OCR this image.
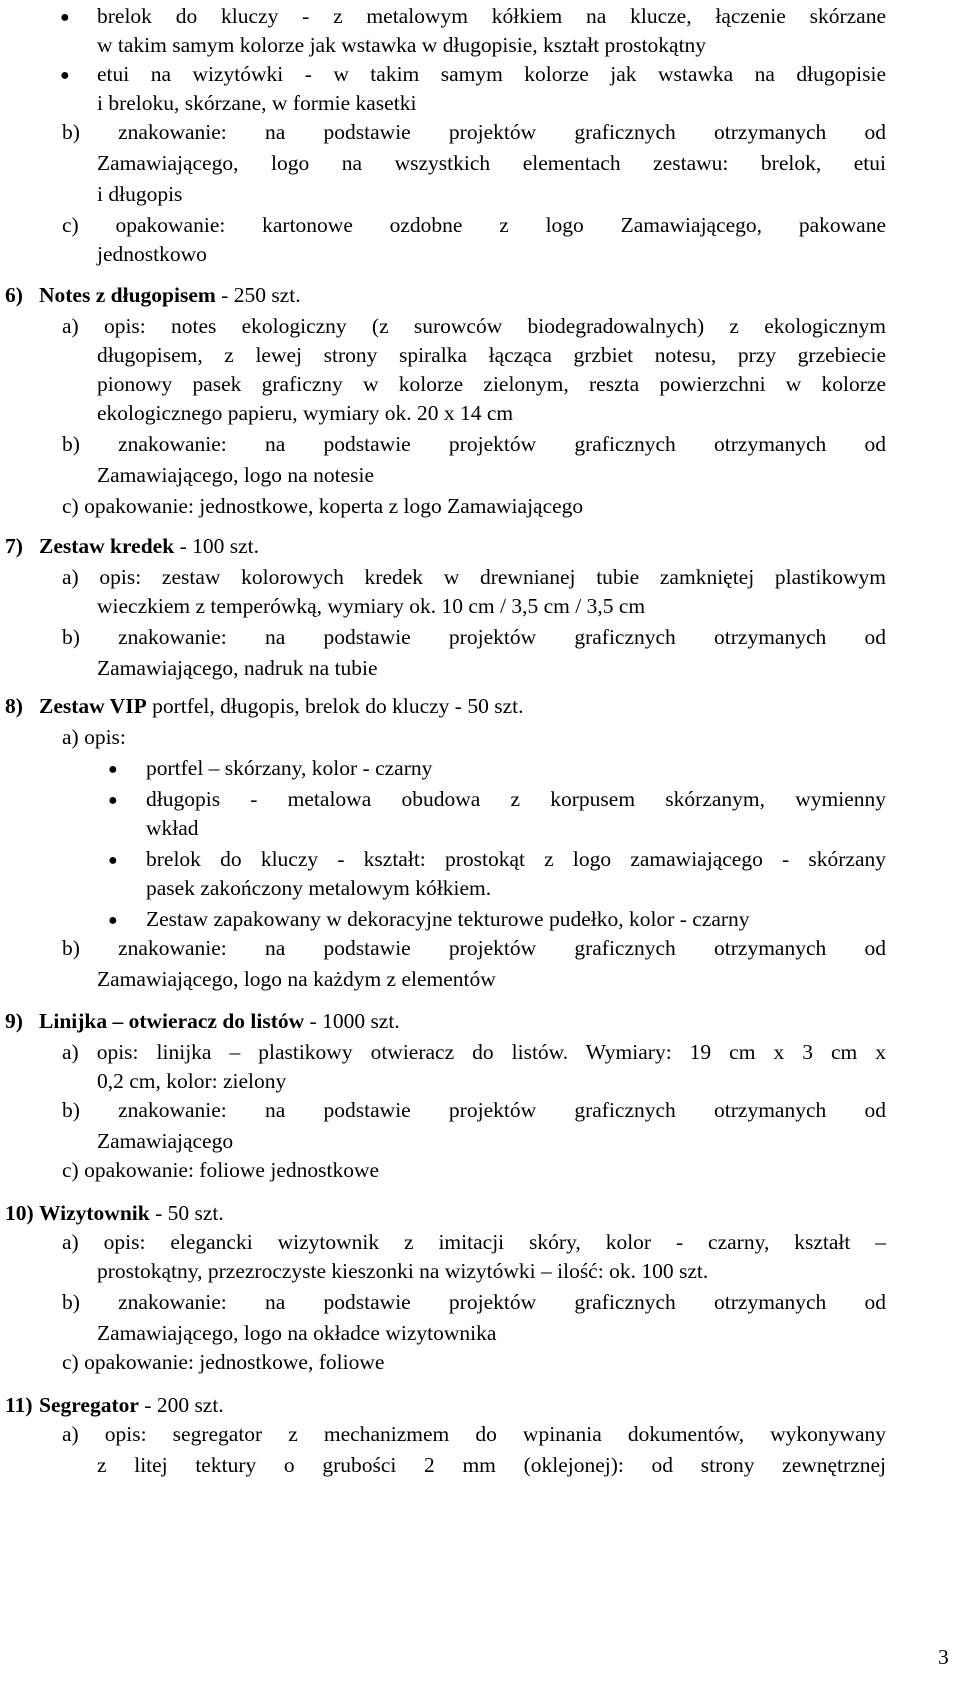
● brelok do kluczy - z metalowym kółkiem na klucze, łączenie skórzane
w takim samym kolorze jak wstawka w długopisie, kształt prostokątny
● etui na wizytówki - w takim samym kolorze jak wstawka na długopisie
i breloku, skórzane, w formie kasetki
b) znakowanie: na podstawie projektów graficznych otrzymanych od
Zamawiającego, logo na wszystkich elementach zestawu: brelok, etui
i długopis
c) opakowanie: kartonowe ozdobne z logo Zamawiającego, pakowane
jednostkowo
6) Notes z długopisem - 250 szt.
a) opis: notes ekologiczny (z surowców biodegradowalnych) z ekologicznym
długopisem, z lewej strony spiralka łącząca grzbiet notesu, przy grzebiecie
pionowy pasek graficzny w kolorze zielonym, reszta powierzchni w kolorze
ekologicznego papieru, wymiary ok. 20 x 14 cm
b) znakowanie: na podstawie projektów graficznych otrzymanych od
Zamawiającego, logo na notesie
c) opakowanie: jednostkowe, koperta z logo Zamawiającego
7) Zestaw kredek - 100 szt.
a) opis: zestaw kolorowych kredek w drewnianej tubie zamkniętej plastikowym
wieczkiem z temperówką, wymiary ok. 10 cm / 3,5 cm / 3,5 cm
b) znakowanie: na podstawie projektów graficznych otrzymanych od
Zamawiającego, nadruk na tubie
8) Zestaw VIP portfel, długopis, brelok do kluczy - 50 szt.
a) opis:
● portfel – skórzany, kolor - czarny
● długopis - metalowa obudowa z korpusem skórzanym, wymienny
wkład
● brelok do kluczy - kształt: prostokąt z logo zamawiającego - skórzany
pasek zakończony metalowym kółkiem.
● Zestaw zapakowany w dekoracyjne tekturowe pudełko, kolor - czarny
b) znakowanie: na podstawie projektów graficznych otrzymanych od
Zamawiającego, logo na każdym z elementów
9) Linijka – otwieracz do listów - 1000 szt.
a) opis: linijka – plastikowy otwieracz do listów. Wymiary: 19 cm x 3 cm x
0,2 cm, kolor: zielony
b) znakowanie: na podstawie projektów graficznych otrzymanych od
Zamawiającego
c) opakowanie: foliowe jednostkowe
10) Wizytownik - 50 szt.
a) opis: elegancki wizytownik z imitacji skóry, kolor - czarny, kształt –
prostokątny, przezroczyste kieszonki na wizytówki – ilość: ok. 100 szt.
b) znakowanie: na podstawie projektów graficznych otrzymanych od
Zamawiającego, logo na okładce wizytownika
c) opakowanie: jednostkowe, foliowe
11) Segregator - 200 szt.
a) opis: segregator z mechanizmem do wpinania dokumentów, wykonywany
z litej tektury o grubości 2 mm (oklejonej): od strony zewnętrznej
3
